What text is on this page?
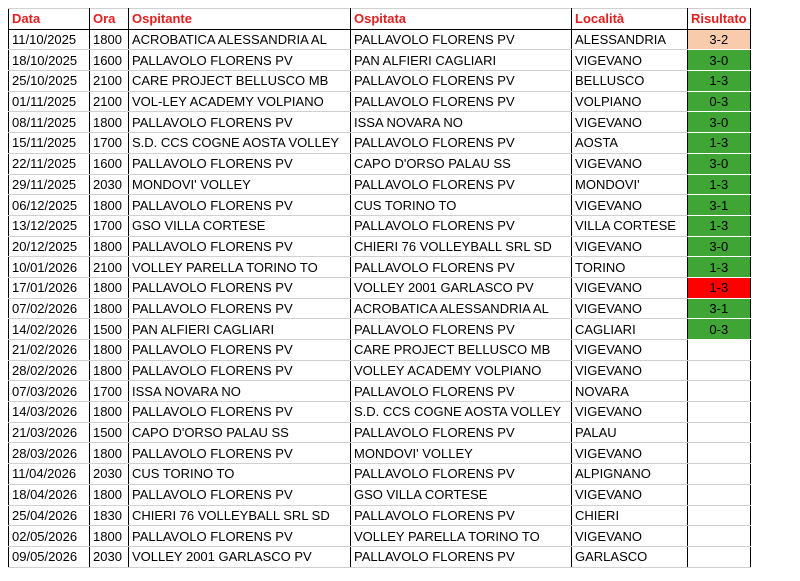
Data	Ora	Ospitante	Ospitata	Località	Risultato
11/10/2025	1800	ACROBATICA ALESSANDRIA AL	PALLAVOLO FLORENS PV	ALESSANDRIA	3-2
18/10/2025	1600	PALLAVOLO FLORENS PV	PAN ALFIERI CAGLIARI	VIGEVANO	3-0
25/10/2025	2100	CARE PROJECT BELLUSCO MB	PALLAVOLO FLORENS PV	BELLUSCO	1-3
01/11/2025	2100	VOL-LEY ACADEMY VOLPIANO	PALLAVOLO FLORENS PV	VOLPIANO	0-3
08/11/2025	1800	PALLAVOLO FLORENS PV	ISSA NOVARA NO	VIGEVANO	3-0
15/11/2025	1700	S.D. CCS COGNE AOSTA VOLLEY	PALLAVOLO FLORENS PV	AOSTA	1-3
22/11/2025	1600	PALLAVOLO FLORENS PV	CAPO D'ORSO PALAU SS	VIGEVANO	3-0
29/11/2025	2030	MONDOVI' VOLLEY	PALLAVOLO FLORENS PV	MONDOVI'	1-3
06/12/2025	1800	PALLAVOLO FLORENS PV	CUS TORINO TO	VIGEVANO	3-1
13/12/2025	1700	GSO VILLA CORTESE	PALLAVOLO FLORENS PV	VILLA CORTESE	1-3
20/12/2025	1800	PALLAVOLO FLORENS PV	CHIERI 76 VOLLEYBALL SRL SD	VIGEVANO	3-0
10/01/2026	2100	VOLLEY PARELLA TORINO TO	PALLAVOLO FLORENS PV	TORINO	1-3
17/01/2026	1800	PALLAVOLO FLORENS PV	VOLLEY 2001 GARLASCO PV	VIGEVANO	1-3
07/02/2026	1800	PALLAVOLO FLORENS PV	ACROBATICA ALESSANDRIA AL	VIGEVANO	3-1
14/02/2026	1500	PAN ALFIERI CAGLIARI	PALLAVOLO FLORENS PV	CAGLIARI	0-3
21/02/2026	1800	PALLAVOLO FLORENS PV	CARE PROJECT BELLUSCO MB	VIGEVANO	
28/02/2026	1800	PALLAVOLO FLORENS PV	VOLLEY ACADEMY VOLPIANO	VIGEVANO	
07/03/2026	1700	ISSA NOVARA NO	PALLAVOLO FLORENS PV	NOVARA	
14/03/2026	1800	PALLAVOLO FLORENS PV	S.D. CCS COGNE AOSTA VOLLEY	VIGEVANO	
21/03/2026	1500	CAPO D'ORSO PALAU SS	PALLAVOLO FLORENS PV	PALAU	
28/03/2026	1800	PALLAVOLO FLORENS PV	MONDOVI' VOLLEY	VIGEVANO	
11/04/2026	2030	CUS TORINO TO	PALLAVOLO FLORENS PV	ALPIGNANO	
18/04/2026	1800	PALLAVOLO FLORENS PV	GSO VILLA CORTESE	VIGEVANO	
25/04/2026	1830	CHIERI 76 VOLLEYBALL SRL SD	PALLAVOLO FLORENS PV	CHIERI	
02/05/2026	1800	PALLAVOLO FLORENS PV	VOLLEY PARELLA TORINO TO	VIGEVANO	
09/05/2026	2030	VOLLEY 2001 GARLASCO PV	PALLAVOLO FLORENS PV	GARLASCO	
